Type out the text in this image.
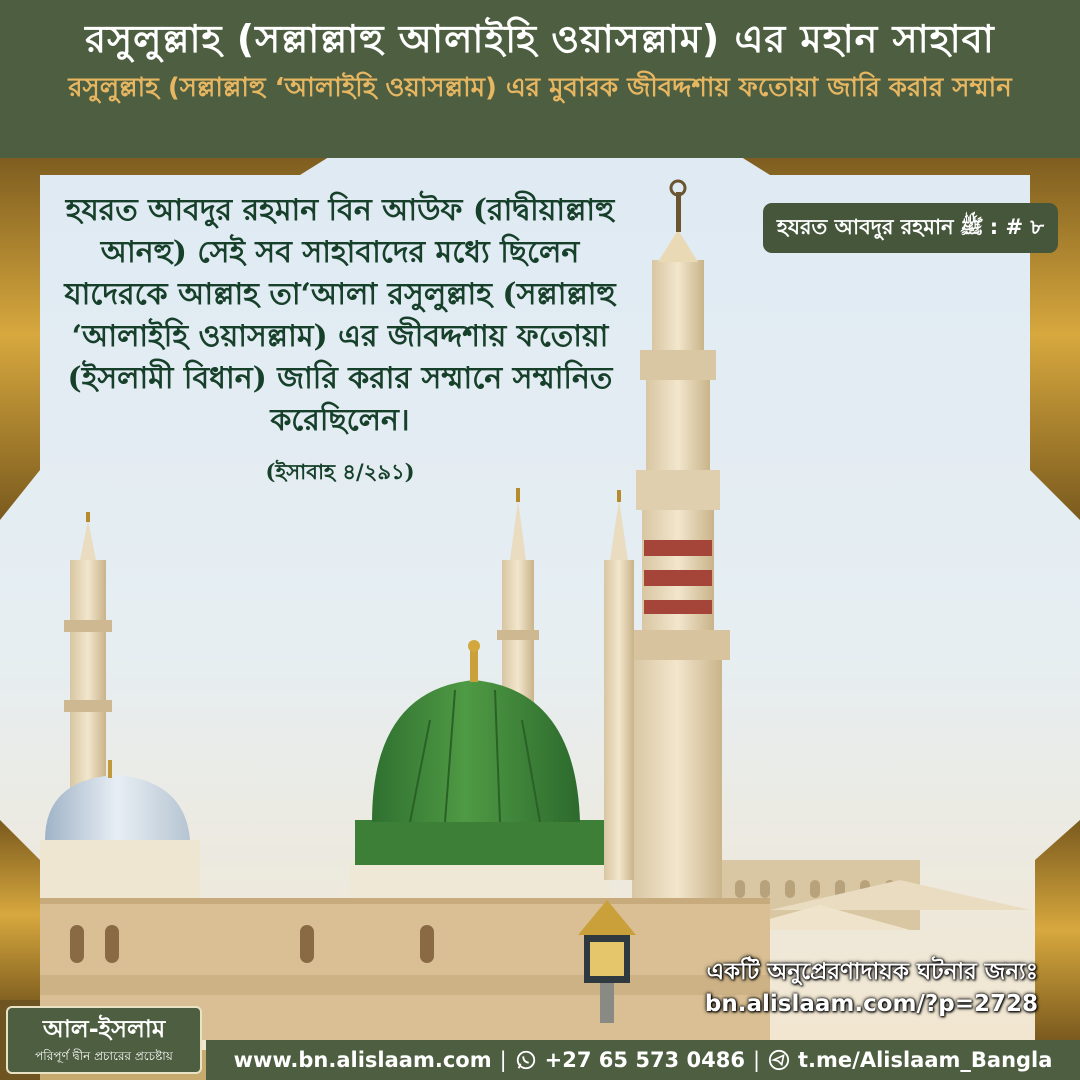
রসুলুল্লাহ (সল্লাল্লাহু আলাইহি ওয়াসল্লাম) এর মহান সাহাবা
রসুলুল্লাহ (সল্লাল্লাহু ‘আলাইহি ওয়াসল্লাম) এর মুবারক জীবদ্দশায় ফতোয়া জারি করার সম্মান
হযরত আবদুর রহমান ﷺ : # ৮
হযরত আবদুর রহমান বিন আউফ (রাদ্বীয়াল্লাহু আনহু) সেই সব সাহাবাদের মধ্যে ছিলেন যাদেরকে আল্লাহ তা‘আলা রসুলুল্লাহ (সল্লাল্লাহু ‘আলাইহি ওয়াসল্লাম) এর জীবদ্দশায় ফতোয়া (ইসলামী বিধান) জারি করার সম্মানে সম্মানিত করেছিলেন।
(ইসাবাহ ৪/২৯১)
একটি অনুপ্রেরণাদায়ক ঘটনার জন্যঃ
bn.alislaam.com/?p=2728
আল-ইসলাম
পরিপূর্ণ দ্বীন প্রচারের প্রচেষ্টায়	www.bn.alislaam.com | +27 65 573 0486 | t.me/Alislaam_Bangla
